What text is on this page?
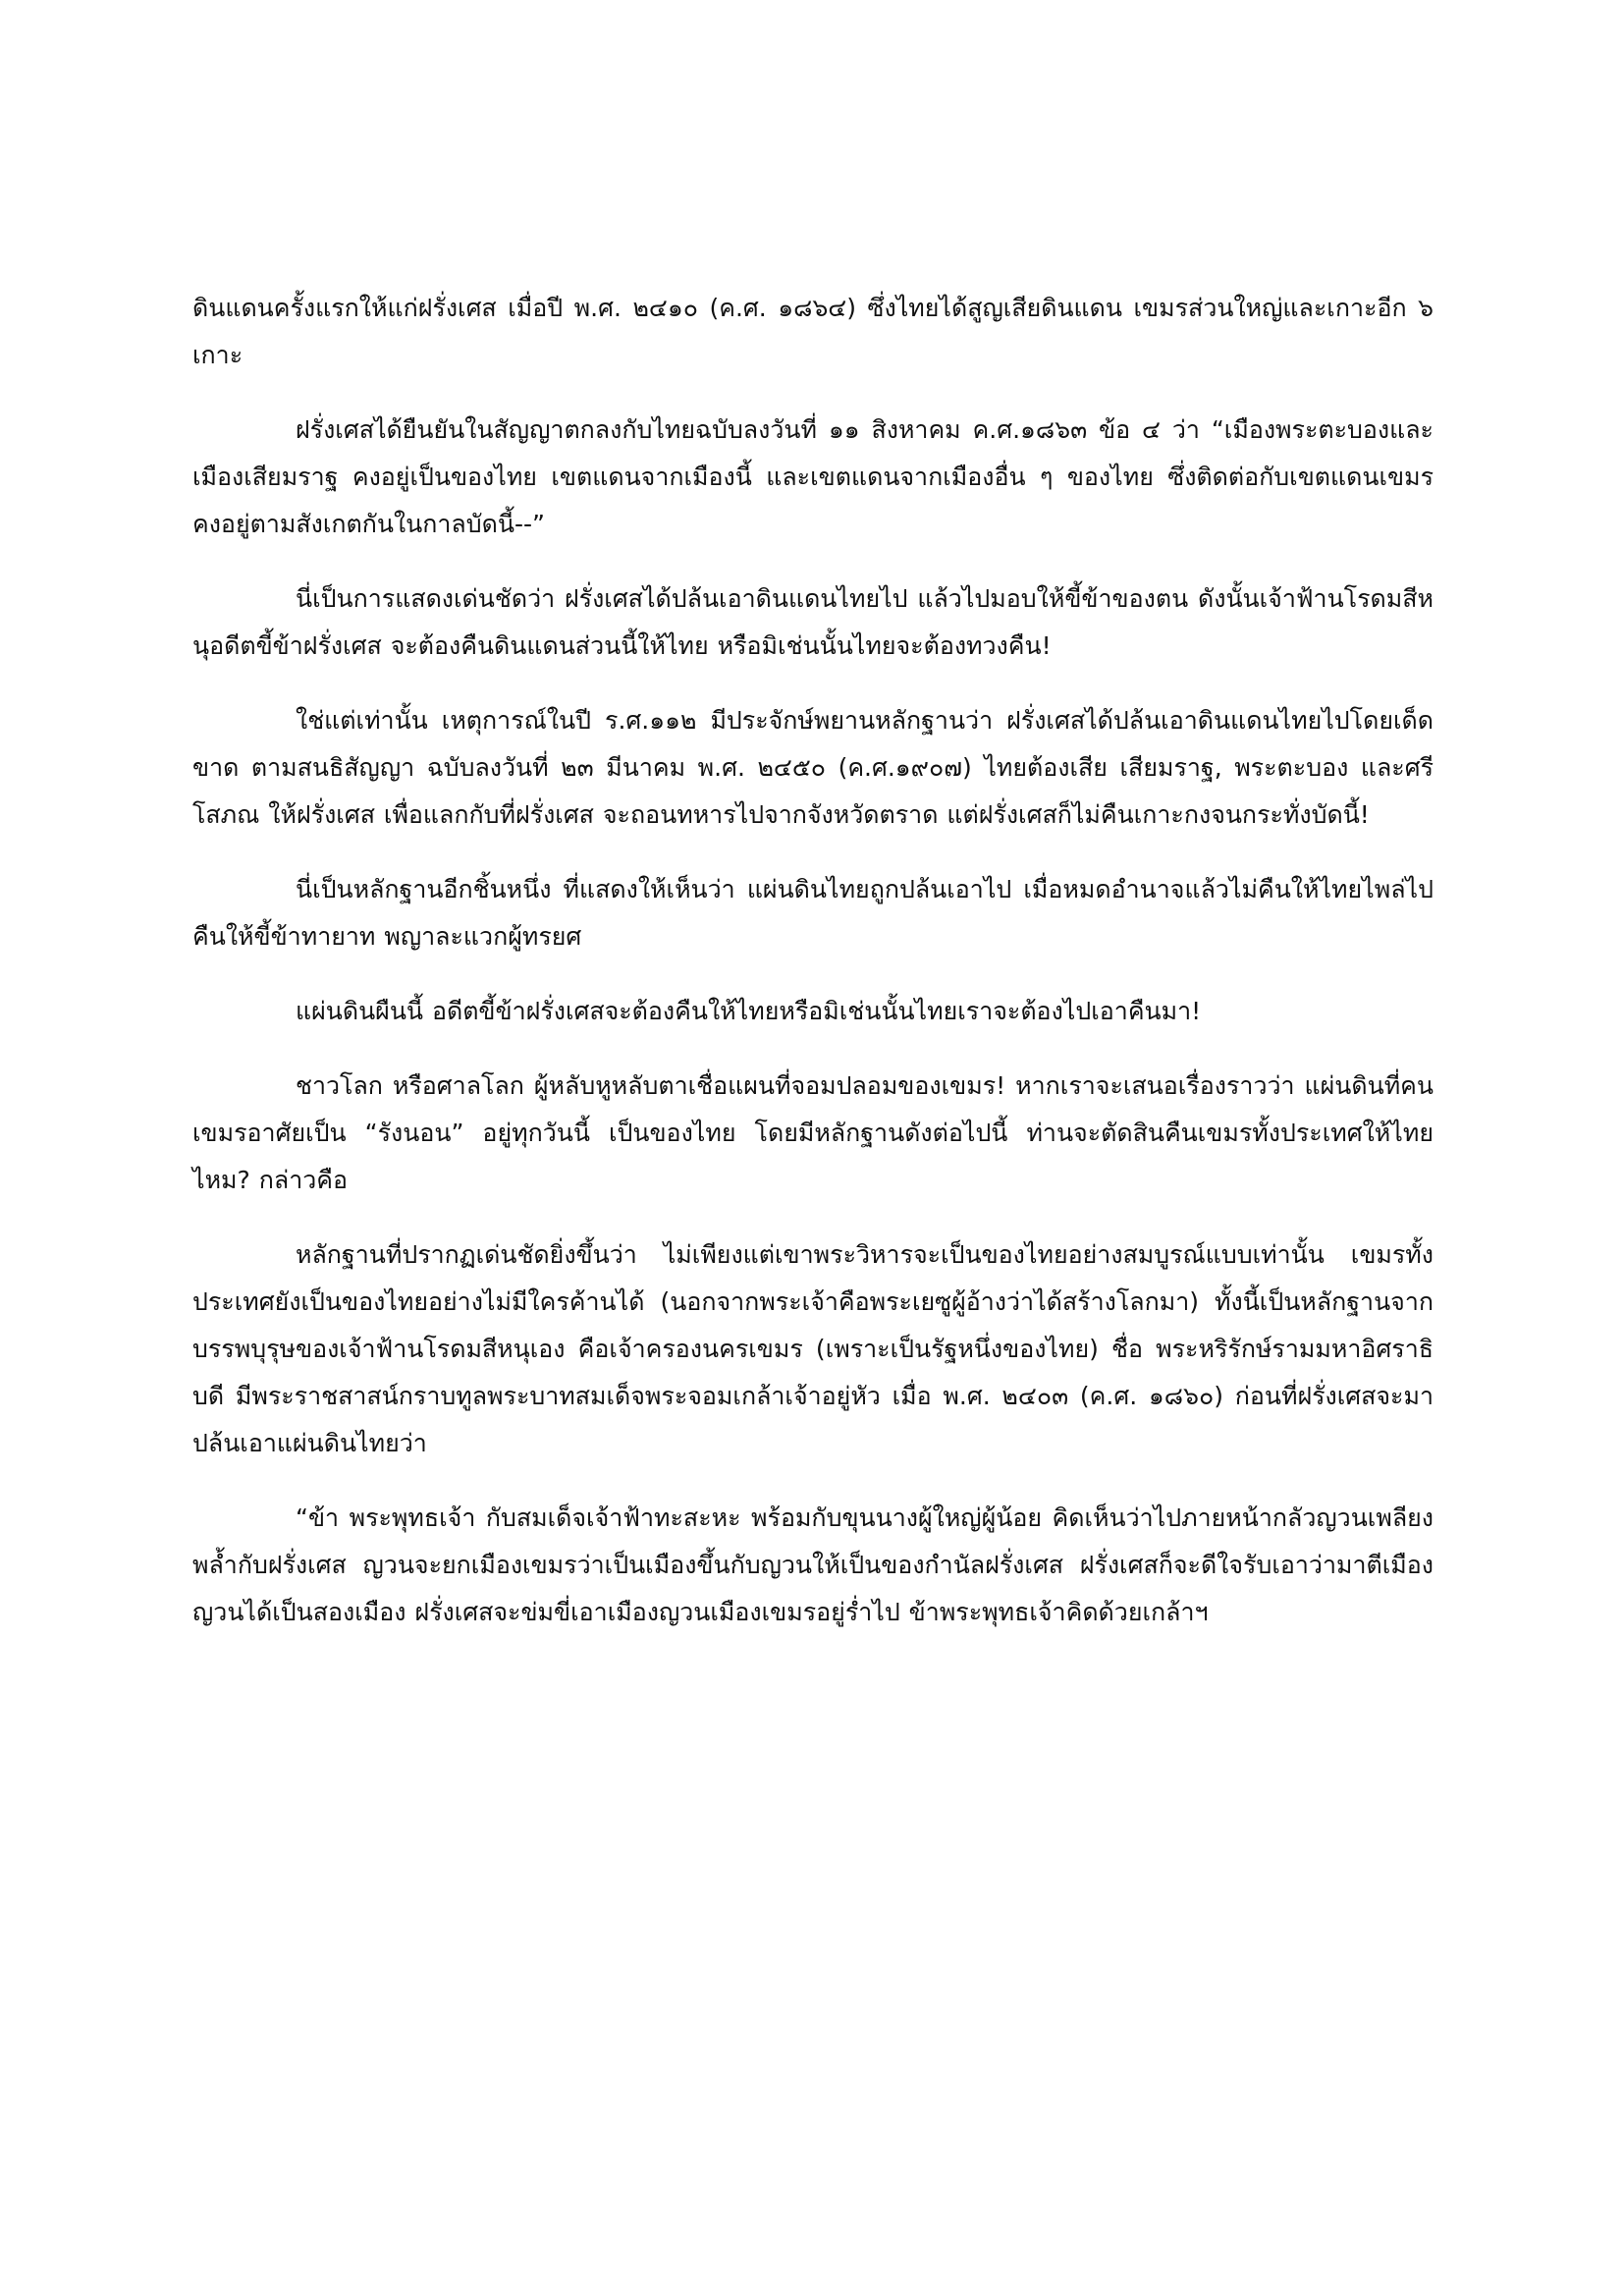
ดินแดนครั้งแรกให้แก่ฝรั่งเศส เมื่อปี พ.ศ. ๒๔๑๐ (ค.ศ. ๑๘๖๔) ซึ่งไทยได้สูญเสียดินแดน เขมรส่วนใหญ่และเกาะอีก ๖ เกาะ

ฝรั่งเศสได้ยืนยันในสัญญาตกลงกับไทยฉบับลงวันที่ ๑๑ สิงหาคม ค.ศ.๑๘๖๓ ข้อ ๔ ว่า “เมืองพระตะบองและเมืองเสียมราฐ คงอยู่เป็นของไทย เขตแดนจากเมืองนี้ และเขตแดนจากเมืองอื่น ๆ ของไทย ซึ่งติดต่อกับเขตแดนเขมร คงอยู่ตามสังเกตกันในกาลบัดนี้--”

นี่เป็นการแสดงเด่นชัดว่า ฝรั่งเศสได้ปล้นเอาดินแดนไทยไป แล้วไปมอบให้ขี้ข้าของตน ดังนั้นเจ้าฟ้านโรดมสีหนุอดีตขี้ข้าฝรั่งเศส จะต้องคืนดินแดนส่วนนี้ให้ไทย หรือมิเช่นนั้นไทยจะต้องทวงคืน!

ใช่แต่เท่านั้น เหตุการณ์ในปี ร.ศ.๑๑๒ มีประจักษ์พยานหลักฐานว่า ฝรั่งเศสได้ปล้นเอาดินแดนไทยไปโดยเด็ดขาด ตามสนธิสัญญา ฉบับลงวันที่ ๒๓ มีนาคม พ.ศ. ๒๔๕๐ (ค.ศ.๑๙๐๗) ไทยต้องเสีย เสียมราฐ, พระตะบอง และศรีโสภณ ให้ฝรั่งเศส เพื่อแลกกับที่ฝรั่งเศส จะถอนทหารไปจากจังหวัดตราด แต่ฝรั่งเศสก็ไม่คืนเกาะกงจนกระทั่งบัดนี้!

นี่เป็นหลักฐานอีกชิ้นหนึ่ง ที่แสดงให้เห็นว่า แผ่นดินไทยถูกปล้นเอาไป เมื่อหมดอำนาจแล้วไม่คืนให้ไทยไพล่ไปคืนให้ขี้ข้าทายาท พญาละแวกผู้ทรยศ

แผ่นดินผืนนี้ อดีตขี้ข้าฝรั่งเศสจะต้องคืนให้ไทยหรือมิเช่นนั้นไทยเราจะต้องไปเอาคืนมา!

ชาวโลก หรือศาลโลก ผู้หลับหูหลับตาเชื่อแผนที่จอมปลอมของเขมร! หากเราจะเสนอเรื่องราวว่า แผ่นดินที่คนเขมรอาศัยเป็น “รังนอน” อยู่ทุกวันนี้ เป็นของไทย โดยมีหลักฐานดังต่อไปนี้ ท่านจะตัดสินคืนเขมรทั้งประเทศให้ไทยไหม? กล่าวคือ

หลักฐานที่ปรากฏเด่นชัดยิ่งขึ้นว่า ไม่เพียงแต่เขาพระวิหารจะเป็นของไทยอย่างสมบูรณ์แบบเท่านั้น เขมรทั้งประเทศยังเป็นของไทยอย่างไม่มีใครค้านได้ (นอกจากพระเจ้าคือพระเยซูผู้อ้างว่าได้สร้างโลกมา) ทั้งนี้เป็นหลักฐานจากบรรพบุรุษของเจ้าฟ้านโรดมสีหนุเอง คือเจ้าครองนครเขมร (เพราะเป็นรัฐหนึ่งของไทย) ชื่อ พระหริรักษ์รามมหาอิศราธิบดี มีพระราชสาสน์กราบทูลพระบาทสมเด็จพระจอมเกล้าเจ้าอยู่หัว เมื่อ พ.ศ. ๒๔๐๓ (ค.ศ. ๑๘๖๐) ก่อนที่ฝรั่งเศสจะมาปล้นเอาแผ่นดินไทยว่า

“ข้า พระพุทธเจ้า กับสมเด็จเจ้าฟ้าทะสะหะ พร้อมกับขุนนางผู้ใหญ่ผู้น้อย คิดเห็นว่าไปภายหน้ากลัวญวนเพลียงพล้ำกับฝรั่งเศส ญวนจะยกเมืองเขมรว่าเป็นเมืองขึ้นกับญวนให้เป็นของกำนัลฝรั่งเศส ฝรั่งเศสก็จะดีใจรับเอาว่ามาตีเมืองญวนได้เป็นสองเมือง ฝรั่งเศสจะข่มขี่เอาเมืองญวนเมืองเขมรอยู่ร่ำไป ข้าพระพุทธเจ้าคิดด้วยเกล้าฯ
